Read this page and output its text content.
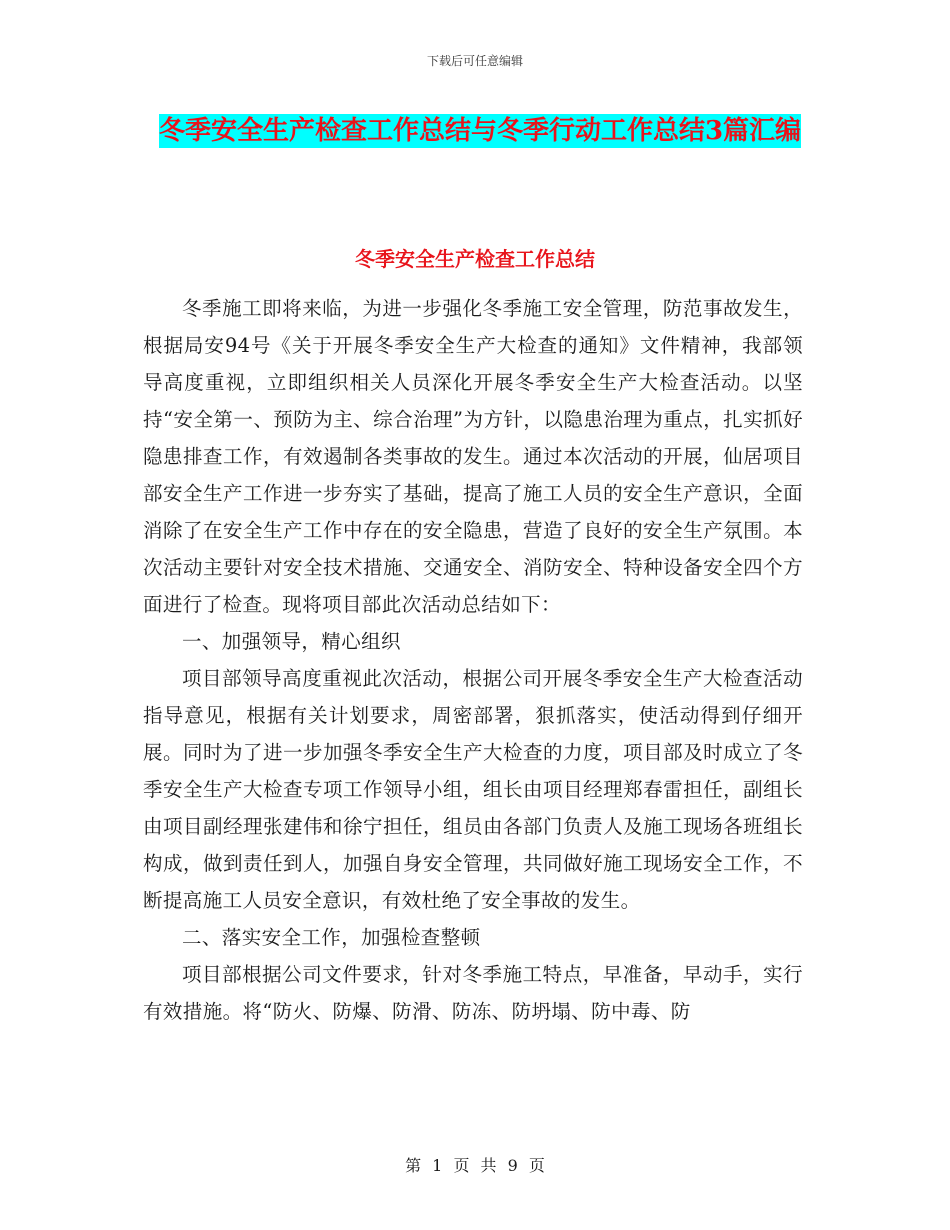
下载后可任意编辑
冬季安全生产检查工作总结与冬季行动工作总结3篇汇编
冬季安全生产检查工作总结

冬季施工即将来临，为进一步强化冬季施工安全管理，防范事故发生，根据局安94号《关于开展冬季安全生产大检查的通知》文件精神，我部领导高度重视，立即组织相关人员深化开展冬季安全生产大检查活动。以坚持“安全第一、预防为主、综合治理”为方针，以隐患治理为重点，扎实抓好隐患排查工作，有效遏制各类事故的发生。通过本次活动的开展，仙居项目部安全生产工作进一步夯实了基础，提高了施工人员的安全生产意识，全面消除了在安全生产工作中存在的安全隐患，营造了良好的安全生产氛围。本次活动主要针对安全技术措施、交通安全、消防安全、特种设备安全四个方面进行了检查。现将项目部此次活动总结如下：

一、加强领导，精心组织

项目部领导高度重视此次活动，根据公司开展冬季安全生产大检查活动指导意见，根据有关计划要求，周密部署，狠抓落实，使活动得到仔细开展。同时为了进一步加强冬季安全生产大检查的力度，项目部及时成立了冬季安全生产大检查专项工作领导小组，组长由项目经理郑春雷担任，副组长由项目副经理张建伟和徐宁担任，组员由各部门负责人及施工现场各班组长构成，做到责任到人，加强自身安全管理，共同做好施工现场安全工作，不断提高施工人员安全意识，有效杜绝了安全事故的发生。

二、落实安全工作，加强检查整顿

项目部根据公司文件要求，针对冬季施工特点，早准备，早动手，实行有效措施。将“防火、防爆、防滑、防冻、防坍塌、防中毒、防

第 1 页 共 9 页
